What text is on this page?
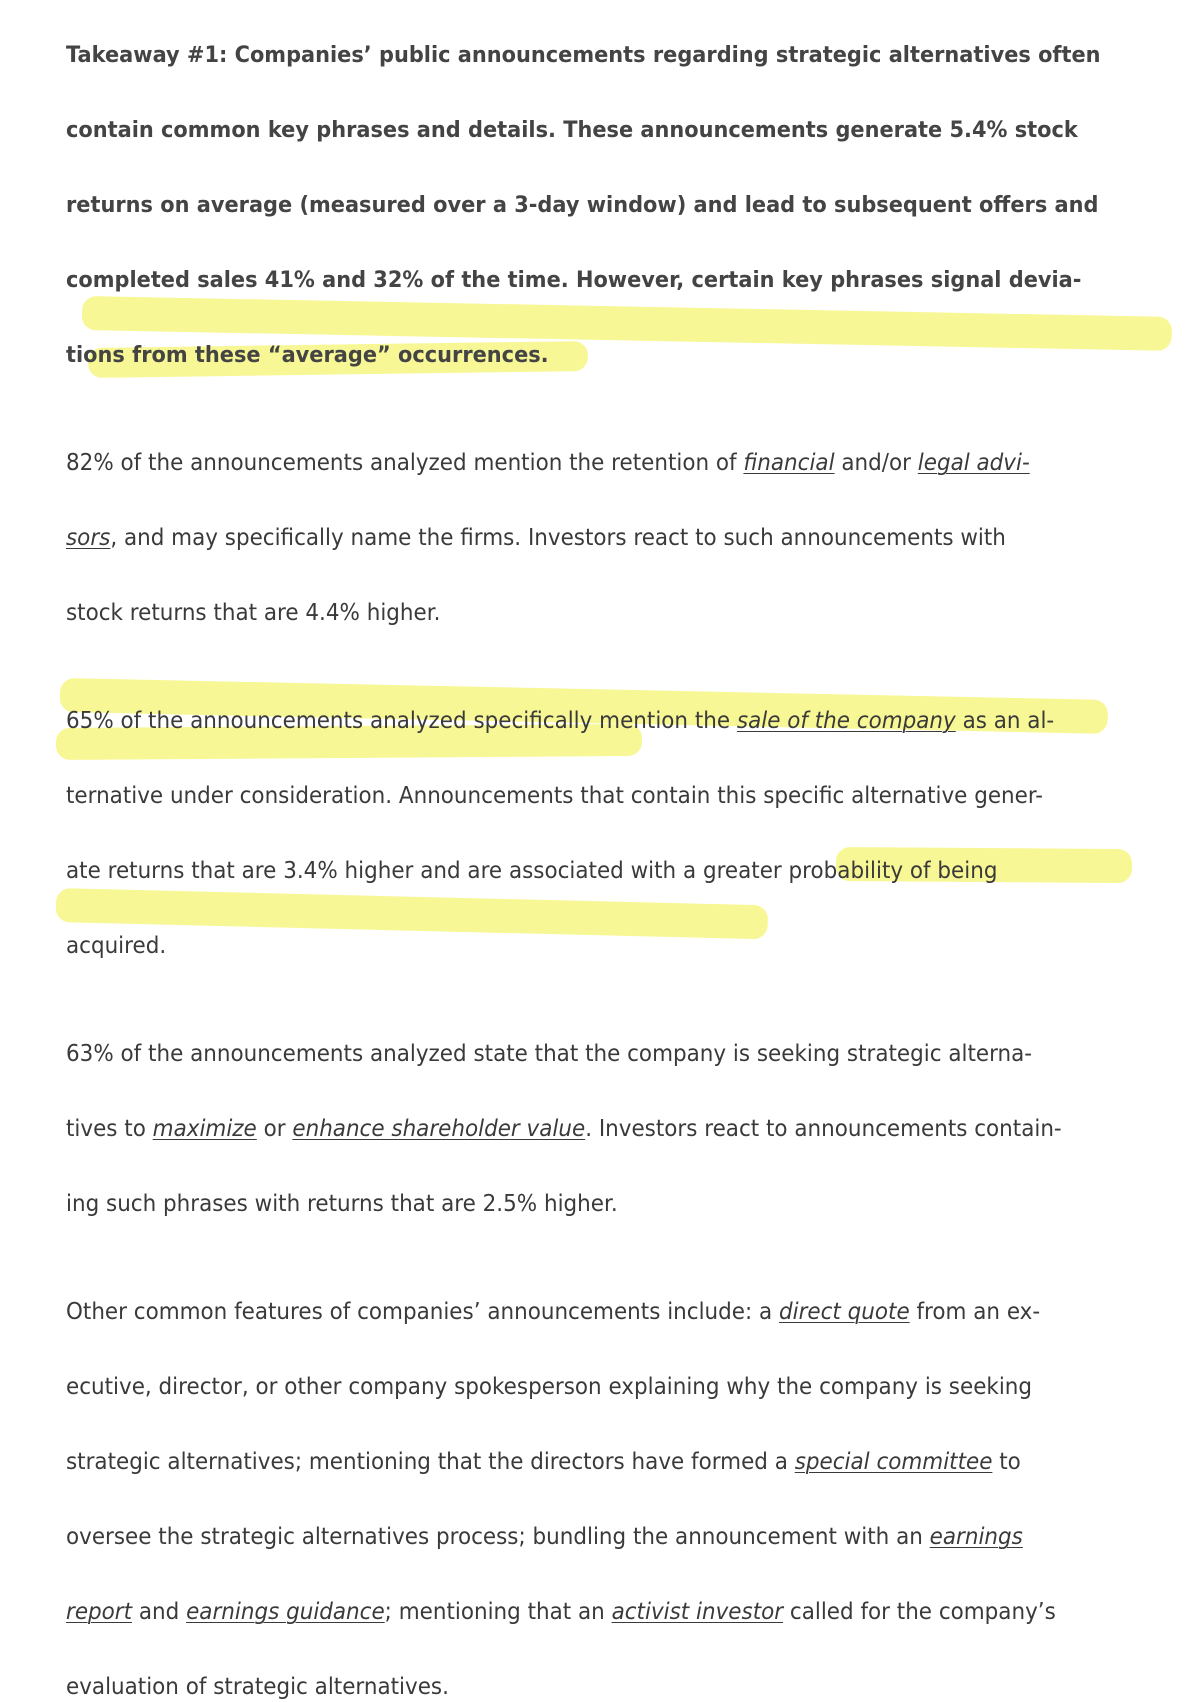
Takeaway #1: Companies’ public announcements regarding strategic alternatives often

contain common key phrases and details. These announcements generate 5.4% stock

returns on average (measured over a 3-day window) and lead to subsequent offers and

completed sales 41% and 32% of the time. However, certain key phrases signal devia-

tions from these “average” occurrences.

82% of the announcements analyzed mention the retention of financial and/or legal advi-

sors, and may specifically name the firms. Investors react to such announcements with

stock returns that are 4.4% higher.

65% of the announcements analyzed specifically mention the sale of the company as an al-

ternative under consideration. Announcements that contain this specific alternative gener-

ate returns that are 3.4% higher and are associated with a greater probability of being

acquired.

63% of the announcements analyzed state that the company is seeking strategic alterna-

tives to maximize or enhance shareholder value. Investors react to announcements contain-

ing such phrases with returns that are 2.5% higher.

Other common features of companies’ announcements include: a direct quote from an ex-

ecutive, director, or other company spokesperson explaining why the company is seeking

strategic alternatives; mentioning that the directors have formed a special committee to

oversee the strategic alternatives process; bundling the announcement with an earnings

report and earnings guidance; mentioning that an activist investor called for the company’s

evaluation of strategic alternatives.
